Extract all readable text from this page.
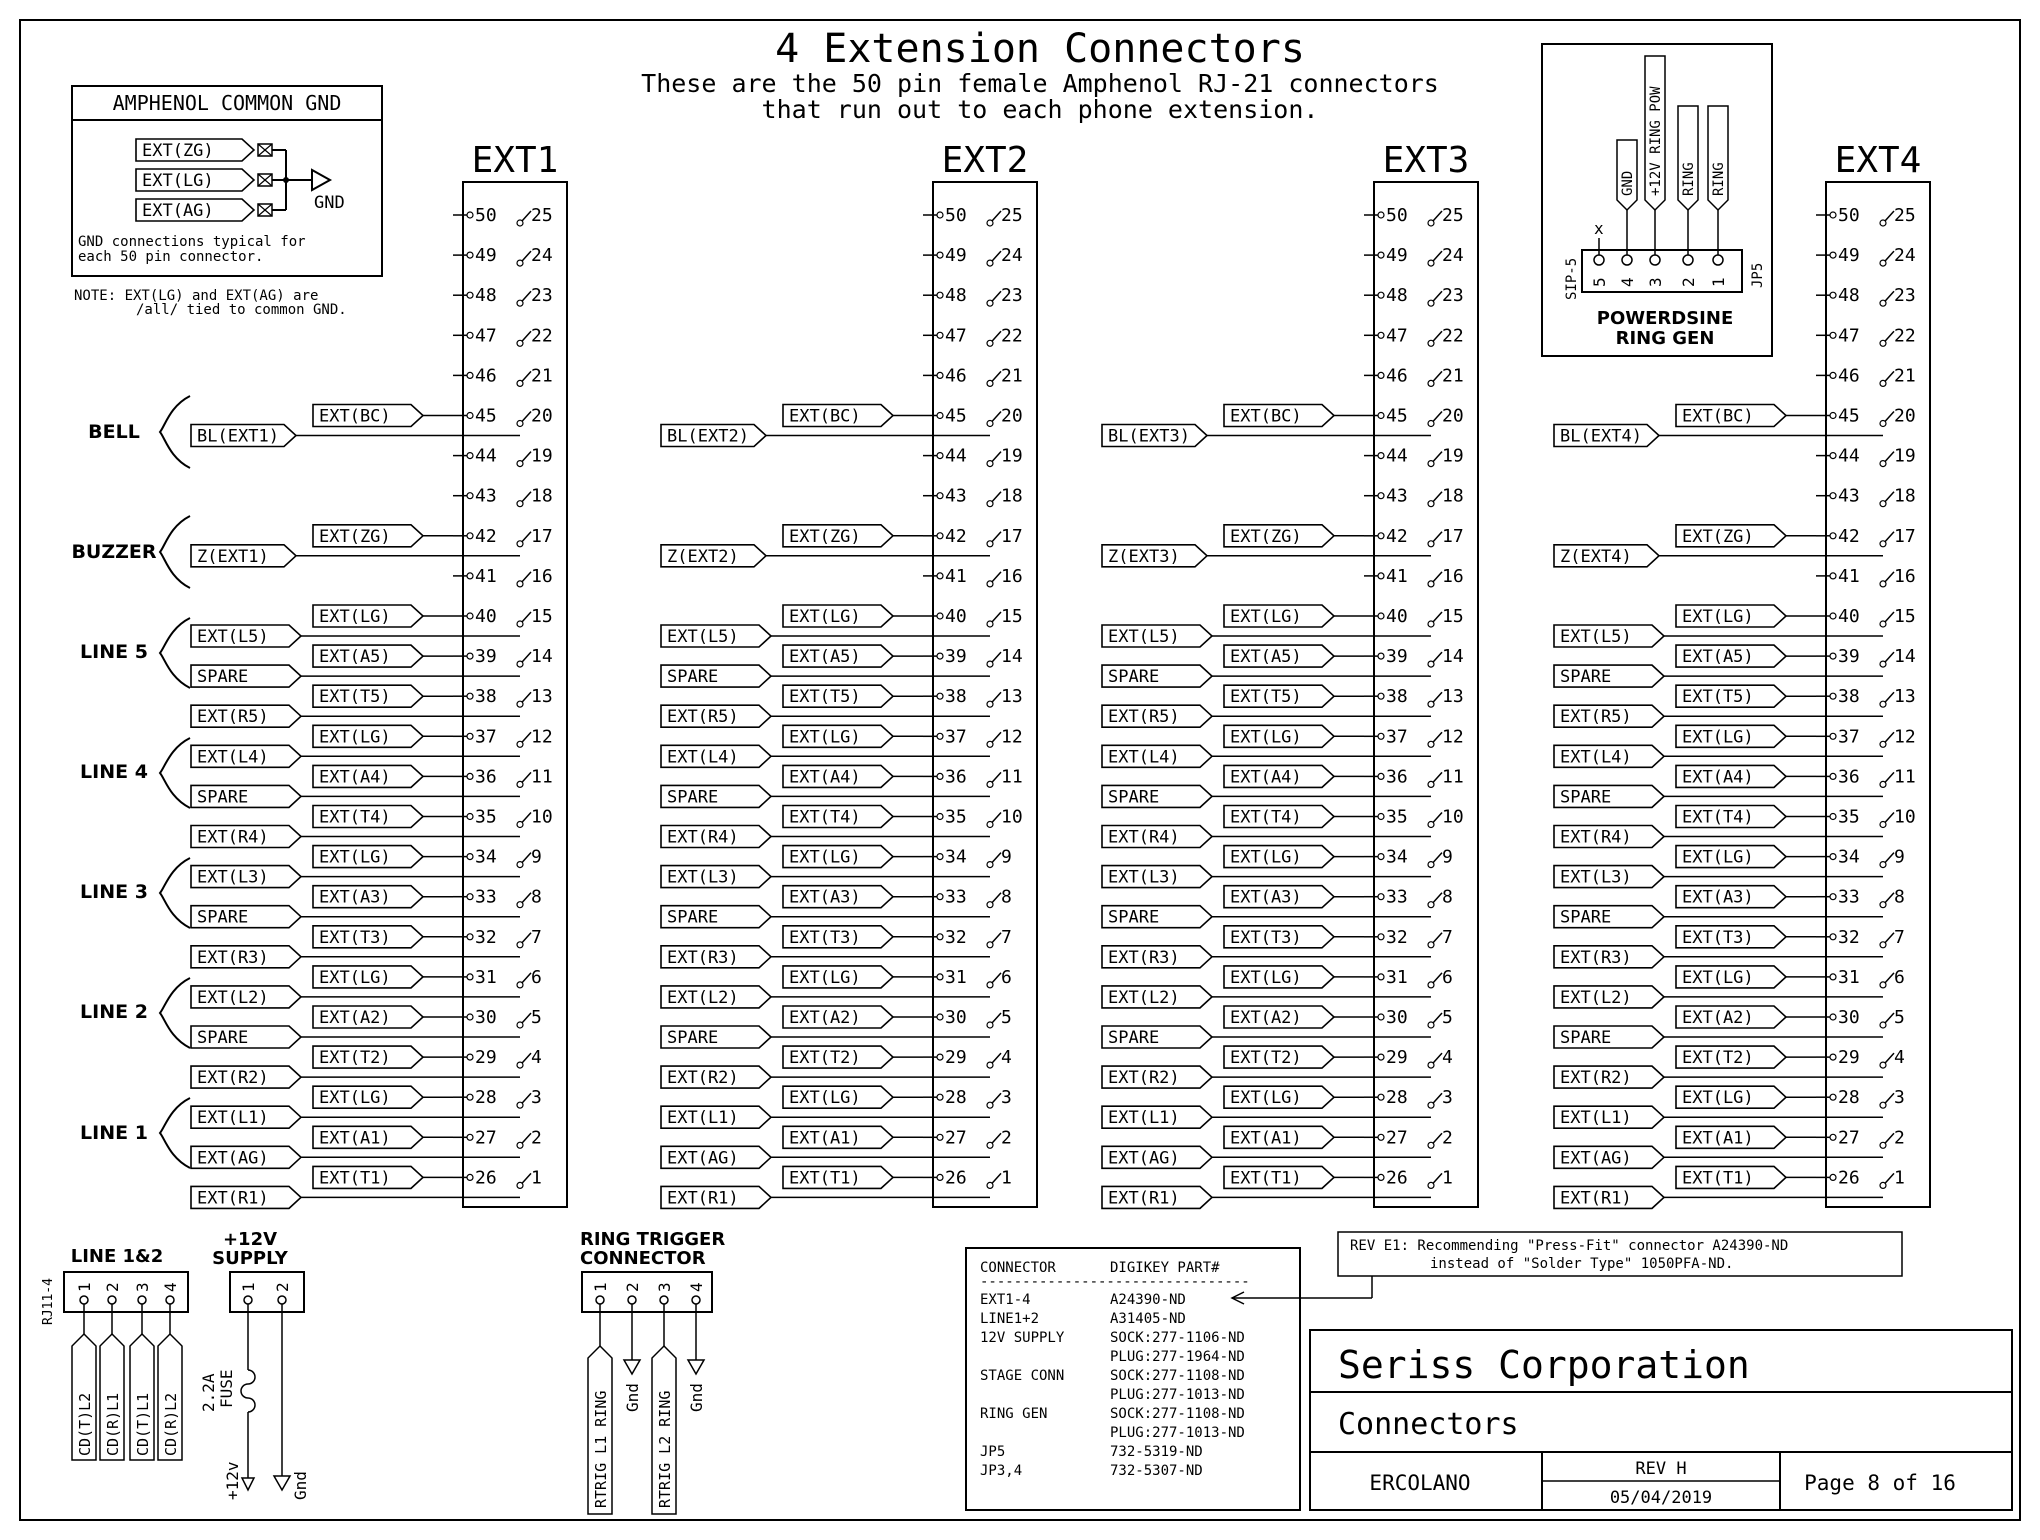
4 Extension Connectors
These are the 50 pin female Amphenol RJ-21 connectors
that run out to each phone extension.
AMPHENOL COMMON GND
EXT(ZG)
EXT(LG)
EXT(AG)	GND
GND connections typical for
each 50 pin connector.
NOTE: EXT(LG) and EXT(AG) are
/all/ tied to common GND.
5 4 3 2 1
SIP-5	JP5
x
GND +12V RING POW RING RING
POWERDSINE
RING GEN
EXT1
50 25
49 24
48 23
47 22
46 21
45 20
EXT(BC)
BL(EXT1)
44 19
43 18
42 17
EXT(ZG)
Z(EXT1)
41 16
40 15
EXT(LG)
EXT(L5)
39 14
EXT(A5)
SPARE
38 13
EXT(T5)
EXT(R5)
37 12
EXT(LG)
EXT(L4)
36 11
EXT(A4)
SPARE
35 10
EXT(T4)
EXT(R4)
34 9
EXT(LG)
EXT(L3)
33 8
EXT(A3)
SPARE
32 7
EXT(T3)
EXT(R3)
31 6
EXT(LG)
EXT(L2)
30 5
EXT(A2)
SPARE
29 4
EXT(T2)
EXT(R2)
28 3
EXT(LG)
EXT(L1)
27 2
EXT(A1)
EXT(AG)
26 1
EXT(T1)
EXT(R1)
EXT2
50 25
49 24
48 23
47 22
46 21
45 20
EXT(BC)
BL(EXT2)
44 19
43 18
42 17
EXT(ZG)
Z(EXT2)
41 16
40 15
EXT(LG)
EXT(L5)
39 14
EXT(A5)
SPARE
38 13
EXT(T5)
EXT(R5)
37 12
EXT(LG)
EXT(L4)
36 11
EXT(A4)
SPARE
35 10
EXT(T4)
EXT(R4)
34 9
EXT(LG)
EXT(L3)
33 8
EXT(A3)
SPARE
32 7
EXT(T3)
EXT(R3)
31 6
EXT(LG)
EXT(L2)
30 5
EXT(A2)
SPARE
29 4
EXT(T2)
EXT(R2)
28 3
EXT(LG)
EXT(L1)
27 2
EXT(A1)
EXT(AG)
26 1
EXT(T1)
EXT(R1)
EXT3
50 25
49 24
48 23
47 22
46 21
45 20
EXT(BC)
BL(EXT3)
44 19
43 18
42 17
EXT(ZG)
Z(EXT3)
41 16
40 15
EXT(LG)
EXT(L5)
39 14
EXT(A5)
SPARE
38 13
EXT(T5)
EXT(R5)
37 12
EXT(LG)
EXT(L4)
36 11
EXT(A4)
SPARE
35 10
EXT(T4)
EXT(R4)
34 9
EXT(LG)
EXT(L3)
33 8
EXT(A3)
SPARE
32 7
EXT(T3)
EXT(R3)
31 6
EXT(LG)
EXT(L2)
30 5
EXT(A2)
SPARE
29 4
EXT(T2)
EXT(R2)
28 3
EXT(LG)
EXT(L1)
27 2
EXT(A1)
EXT(AG)
26 1
EXT(T1)
EXT(R1)
EXT4
50 25
49 24
48 23
47 22
46 21
45 20
EXT(BC)
BL(EXT4)
44 19
43 18
42 17
EXT(ZG)
Z(EXT4)
41 16
40 15
EXT(LG)
EXT(L5)
39 14
EXT(A5)
SPARE
38 13
EXT(T5)
EXT(R5)
37 12
EXT(LG)
EXT(L4)
36 11
EXT(A4)
SPARE
35 10
EXT(T4)
EXT(R4)
34 9
EXT(LG)
EXT(L3)
33 8
EXT(A3)
SPARE
32 7
EXT(T3)
EXT(R3)
31 6
EXT(LG)
EXT(L2)
30 5
EXT(A2)
SPARE
29 4
EXT(T2)
EXT(R2)
28 3
EXT(LG)
EXT(L1)
27 2
EXT(A1)
EXT(AG)
26 1
EXT(T1)
EXT(R1)
BELL
BUZZER
LINE 5
LINE 4
LINE 3
LINE 2
LINE 1
LINE 1&2
RJ11-4 1 2 3 4
CD(T)L2 CD(R)L1 CD(T)L1 CD(R)L2
+12V
SUPPLY
1 2
+12v	Gnd
2.2A FUSE
RING TRIGGER
CONNECTOR
1 2 3 4
RTRIG L1 RING	RTRIG L2 RING
Gnd	Gnd
CONNECTOR	DIGIKEY PART#
--------------------------------
EXT1-4	A24390-ND
LINE1+2	A31405-ND
12V SUPPLY	SOCK:277-1106-ND
PLUG:277-1964-ND
STAGE CONN	SOCK:277-1108-ND
PLUG:277-1013-ND
RING GEN	SOCK:277-1108-ND
PLUG:277-1013-ND
JP5	732-5319-ND
JP3,4	732-5307-ND
REV E1: Recommending "Press-Fit" connector A24390-ND
instead of "Solder Type" 1050PFA-ND.
Seriss Corporation
Connectors
ERCOLANO
REV H
05/04/2019
Page 8 of 16
